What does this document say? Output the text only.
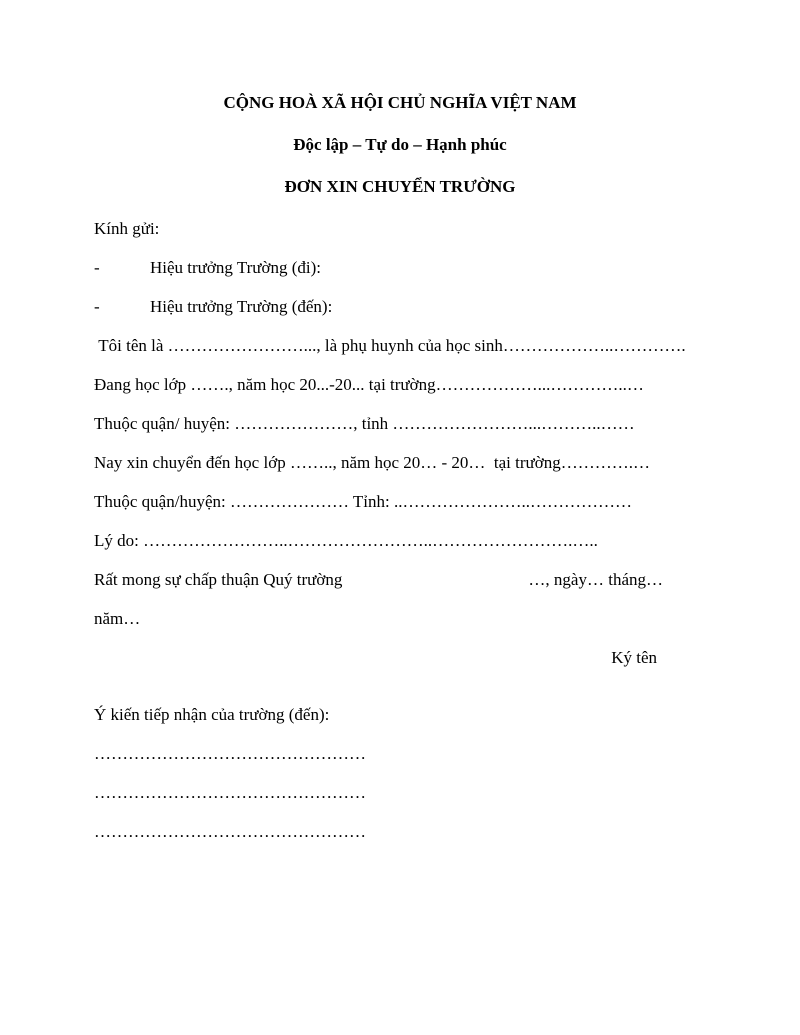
CỘNG HOÀ XÃ HỘI CHỦ NGHĨA VIỆT NAM

Độc lập – Tự do – Hạnh phúc

ĐƠN XIN CHUYỂN TRƯỜNG

Kính gửi:

-	Hiệu trưởng Trường (đi):

-	Hiệu trưởng Trường (đến):

Tôi tên là ……………………..., là phụ huynh của học sinh………………..………….

Đang học lớp ……., năm học 20...-20... tại trường………………...…………..…

Thuộc quận/ huyện: …………………, tỉnh ……………………...………..……

Nay xin chuyển đến học lớp …….., năm học 20… - 20…  tại trường………….…

Thuộc quận/huyện: ………………… Tỉnh: ..…………………..………………

Lý do: ……………………..……………………..…………………….…..

Rất mong sự chấp thuận Quý trường	…, ngày… tháng…

năm…

Ký tên

Ý kiến tiếp nhận của trường (đến):

…………………………………………

…………………………………………

…………………………………………
